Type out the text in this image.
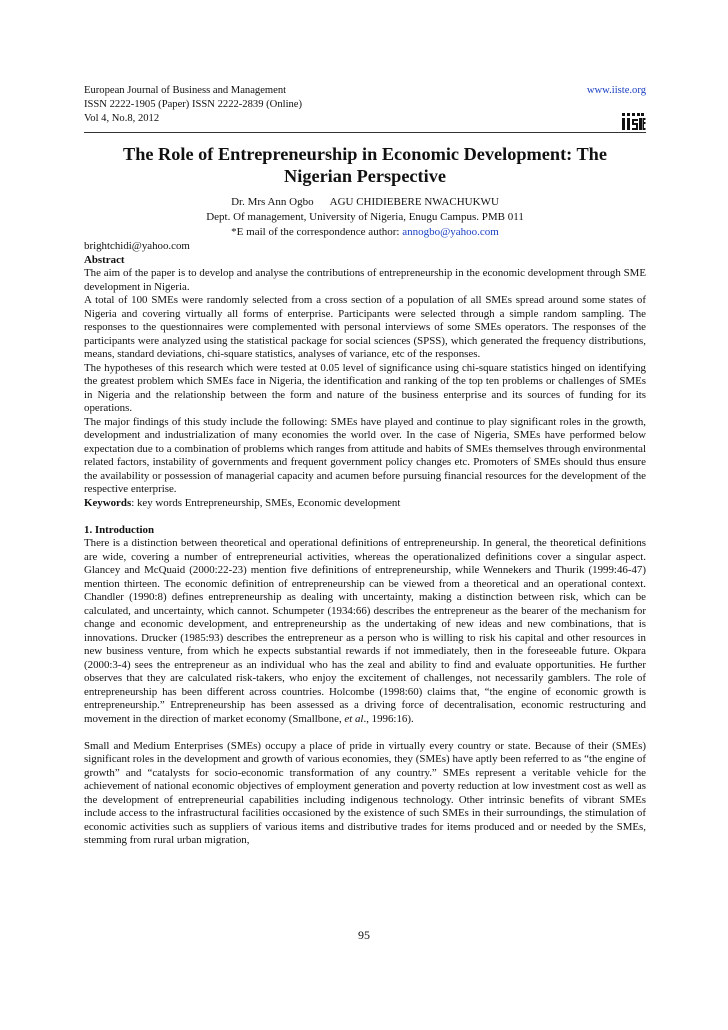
European Journal of Business and Management
ISSN 2222-1905 (Paper) ISSN 2222-2839 (Online)
Vol 4, No.8, 2012
www.iiste.org
The Role of Entrepreneurship in Economic Development: The
Nigerian Perspective
Dr. Mrs Ann Ogbo AGU CHIDIEBERE NWACHUKWU
Dept. Of management, University of Nigeria, Enugu Campus. PMB 011
*E mail of the correspondence author: annogbo@yahoo.com

brightchidi@yahoo.com

Abstract

The aim of the paper is to develop and analyse the contributions of entrepreneurship in the economic development through SME development in Nigeria.

A total of 100 SMEs were randomly selected from a cross section of a population of all SMEs spread around some states of Nigeria and covering virtually all forms of enterprise. Participants were selected through a simple random sampling. The responses to the questionnaires were complemented with personal interviews of some SMEs operators. The responses of the participants were analyzed using the statistical package for social sciences (SPSS), which generated the frequency distributions, means, standard deviations, chi-square statistics, analyses of variance, etc of the responses.

The hypotheses of this research which were tested at 0.05 level of significance using chi-square statistics hinged on identifying the greatest problem which SMEs face in Nigeria, the identification and ranking of the top ten problems or challenges of SMEs in Nigeria and the relationship between the form and nature of the business enterprise and its sources of funding for its operations.

The major findings of this study include the following: SMEs have played and continue to play significant roles in the growth, development and industrialization of many economies the world over. In the case of Nigeria, SMEs have performed below expectation due to a combination of problems which ranges from attitude and habits of SMEs themselves through environmental related factors, instability of governments and frequent government policy changes etc. Promoters of SMEs should thus ensure the availability or possession of managerial capacity and acumen before pursuing financial resources for the development of the respective enterprise.

Keywords: key words Entrepreneurship, SMEs, Economic development

1. Introduction

There is a distinction between theoretical and operational definitions of entrepreneurship. In general, the theoretical definitions are wide, covering a number of entrepreneurial activities, whereas the operationalized definitions cover a singular aspect. Glancey and McQuaid (2000:22-23) mention five definitions of entrepreneurship, while Wennekers and Thurik (1999:46-47) mention thirteen. The economic definition of entrepreneurship can be viewed from a theoretical and an operational context. Chandler (1990:8) defines entrepreneurship as dealing with uncertainty, making a distinction between risk, which can be calculated, and uncertainty, which cannot. Schumpeter (1934:66) describes the entrepreneur as the bearer of the mechanism for change and economic development, and entrepreneurship as the undertaking of new ideas and new combinations, that is innovations. Drucker (1985:93) describes the entrepreneur as a person who is willing to risk his capital and other resources in new business venture, from which he expects substantial rewards if not immediately, then in the foreseeable future. Okpara (2000:3-4) sees the entrepreneur as an individual who has the zeal and ability to find and evaluate opportunities. He further observes that they are calculated risk-takers, who enjoy the excitement of challenges, not necessarily gamblers. The role of entrepreneurship has been different across countries. Holcombe (1998:60) claims that, “the engine of economic growth is entrepreneurship.” Entrepreneurship has been assessed as a driving force of decentralisation, economic restructuring and movement in the direction of market economy (Smallbone, et al., 1996:16).

Small and Medium Enterprises (SMEs) occupy a place of pride in virtually every country or state. Because of their (SMEs) significant roles in the development and growth of various economies, they (SMEs) have aptly been referred to as “the engine of growth” and “catalysts for socio-economic transformation of any country.” SMEs represent a veritable vehicle for the achievement of national economic objectives of employment generation and poverty reduction at low investment cost as well as the development of entrepreneurial capabilities including indigenous technology. Other intrinsic benefits of vibrant SMEs include access to the infrastructural facilities occasioned by the existence of such SMEs in their surroundings, the stimulation of economic activities such as suppliers of various items and distributive trades for items produced and or needed by the SMEs, stemming from rural urban migration,

95
